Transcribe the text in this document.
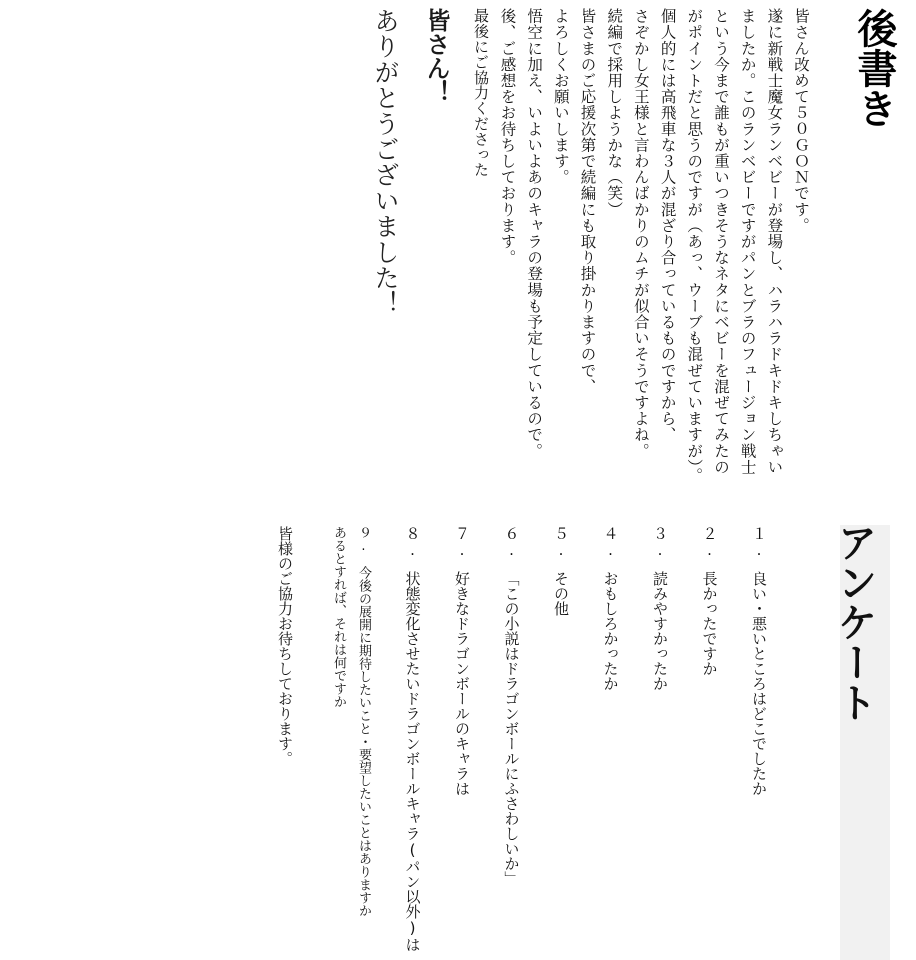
後書き
皆さん改めて５０ＧＯＮです。
遂に新戦士魔女ランベビーが登場し、ハラハラドキドキしちゃい
ましたか。このランベビーですがパンとブラのフュージョン戦士
という今まで誰もが重いつきそうなネタにベビーを混ぜてみたの
がポイントだと思うのですが（あっ、ウーブも混ぜていますが）。
個人的には高飛車な３人が混ざり合っているものですから、
さぞかし女王様と言わんばかりのムチが似合いそうですよね。
続編で採用しようかな（笑）
皆さまのご応援次第で続編にも取り掛かりますので、
よろしくお願いします。
悟空に加え、いよいよあのキャラの登場も予定しているので。
後、ご感想をお待ちしております。
最後にご協力くださった
皆さん！
ありがとうございました！
アンケート
１.良い・悪いところはどこでしたか
２.長かったですか
３.読みやすかったか
４.おもしろかったか
５.その他
６.「この小説はドラゴンボールにふさわしいか」
７.好きなドラゴンボールのキャラは
８.状態変化させたいドラゴンボールキャラ(パン以外)は
９.今後の展開に期待したいこと・要望したいことはありますか
あるとすれば、それは何ですか
皆様のご協力お待ちしております。
